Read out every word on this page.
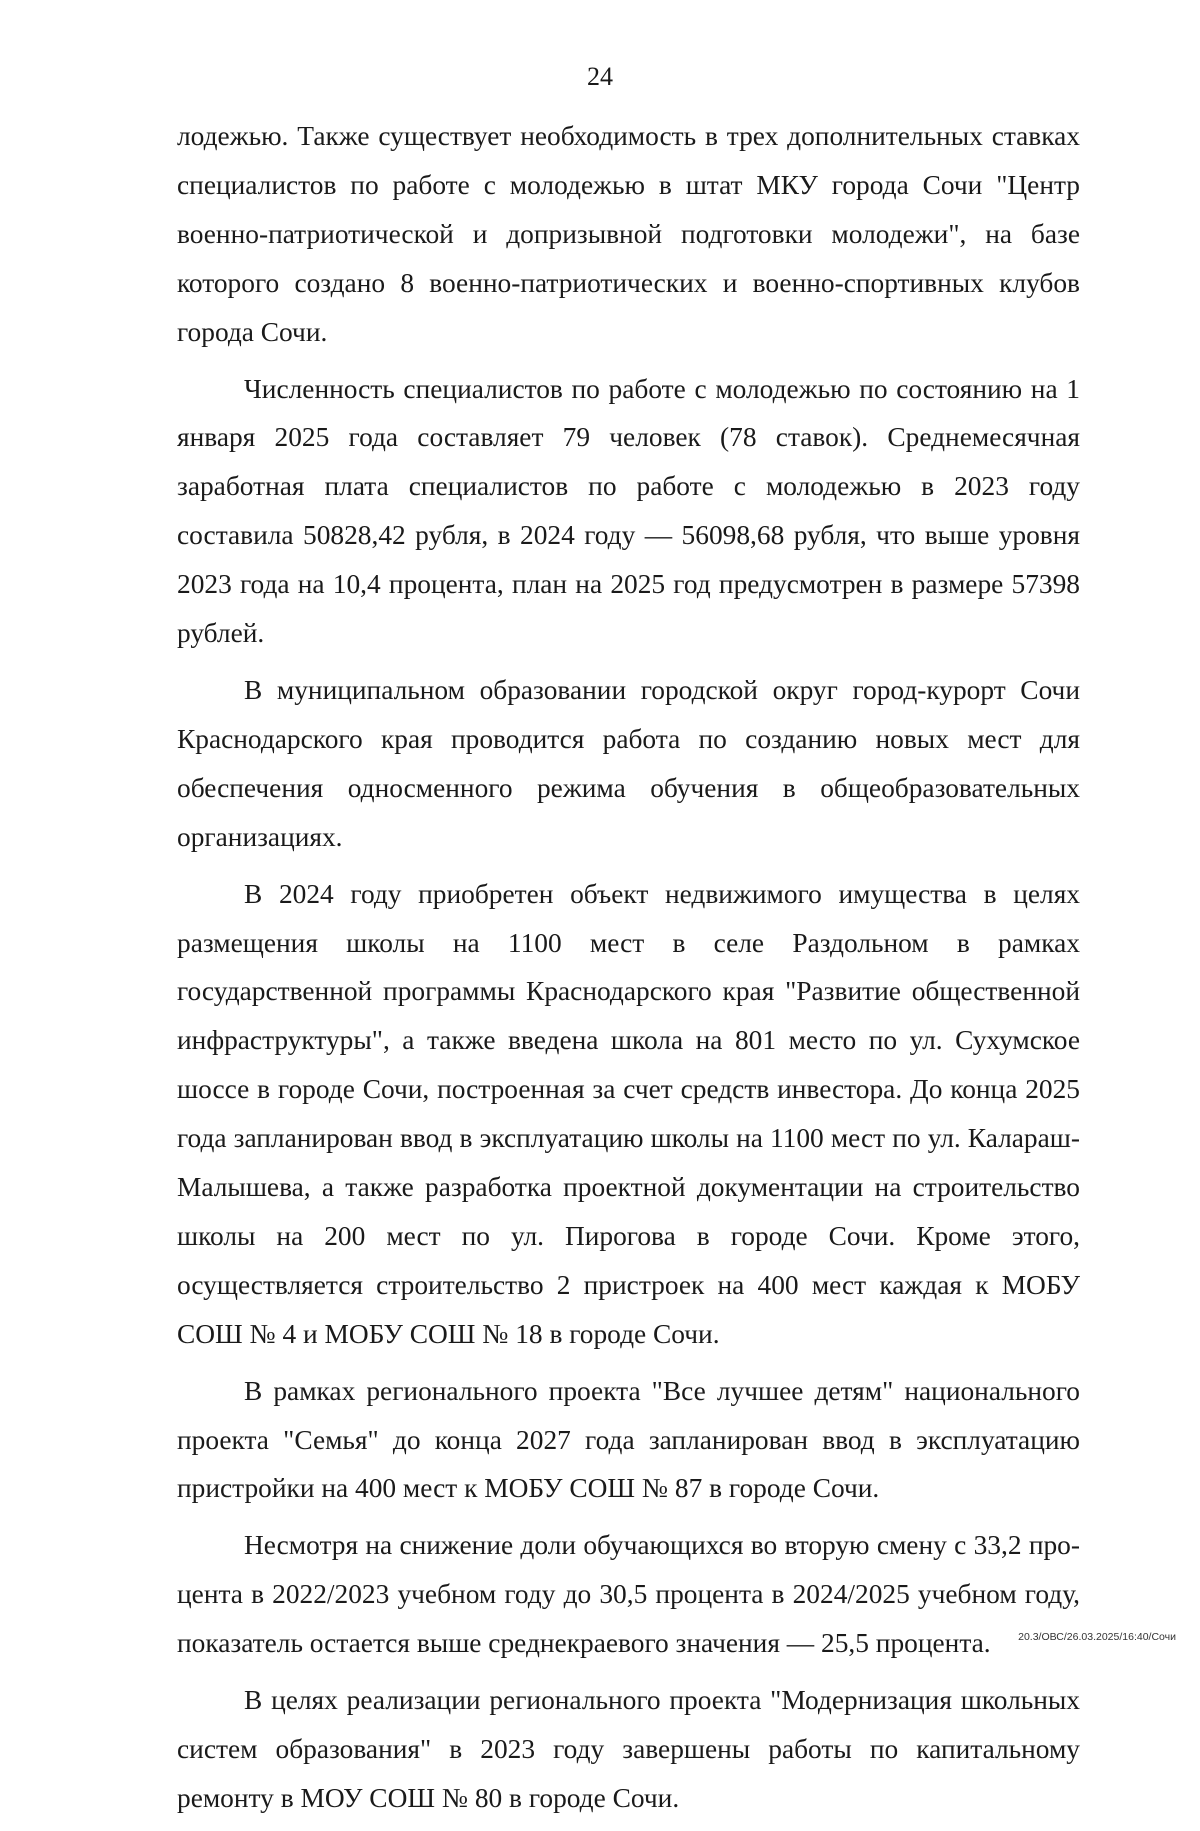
24

лодежью. Также существует необходимость в трех дополнительных ставках специалистов по работе с молодежью в штат МКУ города Сочи "Центр военно-патриотической и допризывной подготовки молодежи", на базе которого создано 8 военно-патриотических и военно-спортивных клубов города Сочи.

Численность специалистов по работе с молодежью по состоянию на 1 января 2025 года составляет 79 человек (78 ставок). Среднемесячная заработная плата специалистов по работе с молодежью в 2023 году составила 50828,42 рубля, в 2024 году — 56098,68 рубля, что выше уровня 2023 года на 10,4 процента, план на 2025 год предусмотрен в размере 57398 рублей.

В муниципальном образовании городской округ город-курорт Сочи Краснодарского края проводится работа по созданию новых мест для обеспечения односменного режима обучения в общеобразовательных организациях.

В 2024 году приобретен объект недвижимого имущества в целях размещения школы на 1100 мест в селе Раздольном в рамках государственной программы Краснодарского края "Развитие общественной инфраструктуры", а также введена школа на 801 место по ул. Сухумское шоссе в городе Сочи, построенная за счет средств инвестора. До конца 2025 года запланирован ввод в эксплуатацию школы на 1100 мест по ул. Калараш-Малышева, а также разработка проектной документации на строительство школы на 200 мест по ул. Пирогова в городе Сочи. Кроме этого, осуществляется строительство 2 пристроек на 400 мест каждая к МОБУ СОШ № 4 и МОБУ СОШ № 18 в городе Сочи.

В рамках регионального проекта "Все лучшее детям" национального проекта "Семья" до конца 2027 года запланирован ввод в эксплуатацию пристройки на 400 мест к МОБУ СОШ № 87 в городе Сочи.

Несмотря на снижение доли обучающихся во вторую смену с 33,2 процента в 2022/2023 учебном году до 30,5 процента в 2024/2025 учебном году, показатель остается выше среднекраевого значения — 25,5 процента.

В целях реализации регионального проекта "Модернизация школьных систем образования" в 2023 году завершены работы по капитальному ремонту в МОУ СОШ № 80 в городе Сочи.

20.3/ОВС/26.03.2025/16:40/Сочи
